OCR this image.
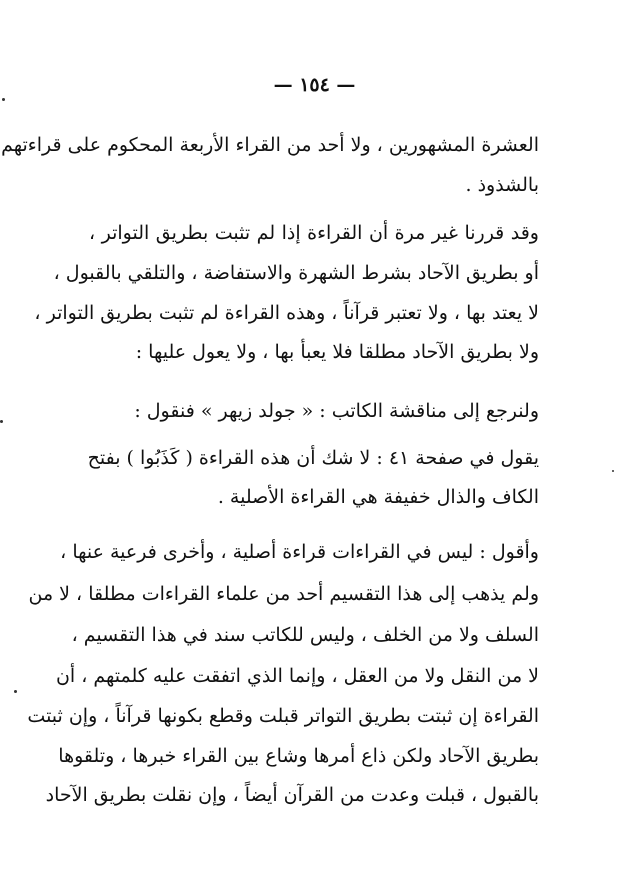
— ١٥٤ —
العشرة المشهورين ، ولا أحد من القراء الأربعة المحكوم على قراءتهم
بالشذوذ .
وقد قررنا غير مرة أن القراءة إذا لم تثبت بطريق التواتر ،
أو بطريق الآحاد بشرط الشهرة والاستفاضة ، والتلقي بالقبول ،
لا يعتد بها ، ولا تعتبر قرآناً ، وهذه القراءة لم تثبت بطريق التواتر ،
ولا بطريق الآحاد مطلقا فلا يعبأ بها ، ولا يعول عليها :
ولنرجع إلى مناقشة الكاتب : « جولد زيهر » فنقول :
يقول في صفحة ٤١ : لا شك أن هذه القراءة ( كَذَبُوا ) بفتح
الكاف والذال خفيفة هي القراءة الأصلية .
وأقول : ليس في القراءات قراءة أصلية ، وأخرى فرعية عنها ،
ولم يذهب إلى هذا التقسيم أحد من علماء القراءات مطلقا ، لا من
السلف ولا من الخلف ، وليس للكاتب سند في هذا التقسيم ،
لا من النقل ولا من العقل ، وإنما الذي اتفقت عليه كلمتهم ، أن
القراءة إن ثبتت بطريق التواتر قبلت وقطع بكونها قرآناً ، وإن ثبتت
بطريق الآحاد ولكن ذاع أمرها وشاع بين القراء خبرها ، وتلقوها
بالقبول ، قبلت وعدت من القرآن أيضاً ، وإن نقلت بطريق الآحاد
